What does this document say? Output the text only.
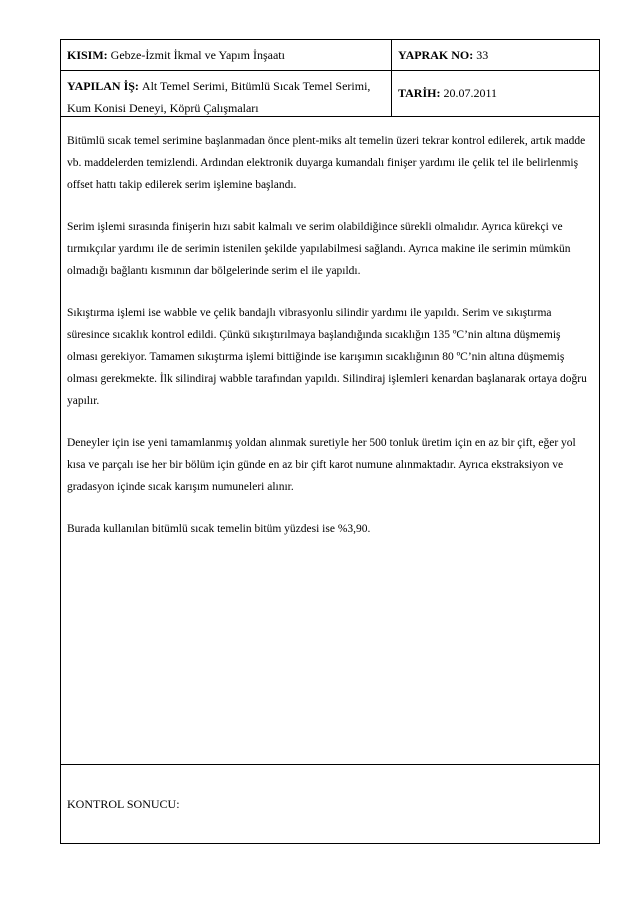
KISIM:
Gebze-İzmit İkmal ve Yapım İnşaatı	YAPRAK NO:
33
YAPILAN İŞ: Alt Temel Serimi, Bitümlü Sıcak Temel Serimi,
Kum Konisi Deneyi, Köprü Çalışmaları
TARİH:
20.07.2011

Bitümlü sıcak temel serimine başlanmadan önce plent-miks alt temelin üzeri tekrar kontrol edilerek, artık madde vb. maddelerden temizlendi. Ardından elektronik duyarga kumandalı finişer yardımı ile çelik tel ile belirlenmiş offset hattı takip edilerek serim işlemine başlandı.

Serim işlemi sırasında finişerin hızı sabit kalmalı ve serim olabildiğince sürekli olmalıdır. Ayrıca kürekçi ve tırmıkçılar yardımı ile de serimin istenilen şekilde yapılabilmesi sağlandı. Ayrıca makine ile serimin mümkün olmadığı bağlantı kısmının dar bölgelerinde serim el ile yapıldı.

Sıkıştırma işlemi ise wabble ve çelik bandajlı vibrasyonlu silindir yardımı ile yapıldı. Serim ve sıkıştırma süresince sıcaklık kontrol edildi. Çünkü sıkıştırılmaya başlandığında sıcaklığın 135 ºC’nin altına düşmemiş olması gerekiyor. Tamamen sıkıştırma işlemi bittiğinde ise karışımın sıcaklığının 80 ºC’nin altına düşmemiş olması gerekmekte. İlk silindiraj wabble tarafından yapıldı. Silindiraj işlemleri kenardan başlanarak ortaya doğru yapılır.

Deneyler için ise yeni tamamlanmış yoldan alınmak suretiyle her 500 tonluk üretim için en az bir çift, eğer yol kısa ve parçalı ise her bir bölüm için günde en az bir çift karot numune alınmaktadır. Ayrıca ekstraksiyon ve gradasyon içinde sıcak karışım numuneleri alınır.

Burada kullanılan bitümlü sıcak temelin bitüm yüzdesi ise %3,90.

KONTROL SONUCU:
